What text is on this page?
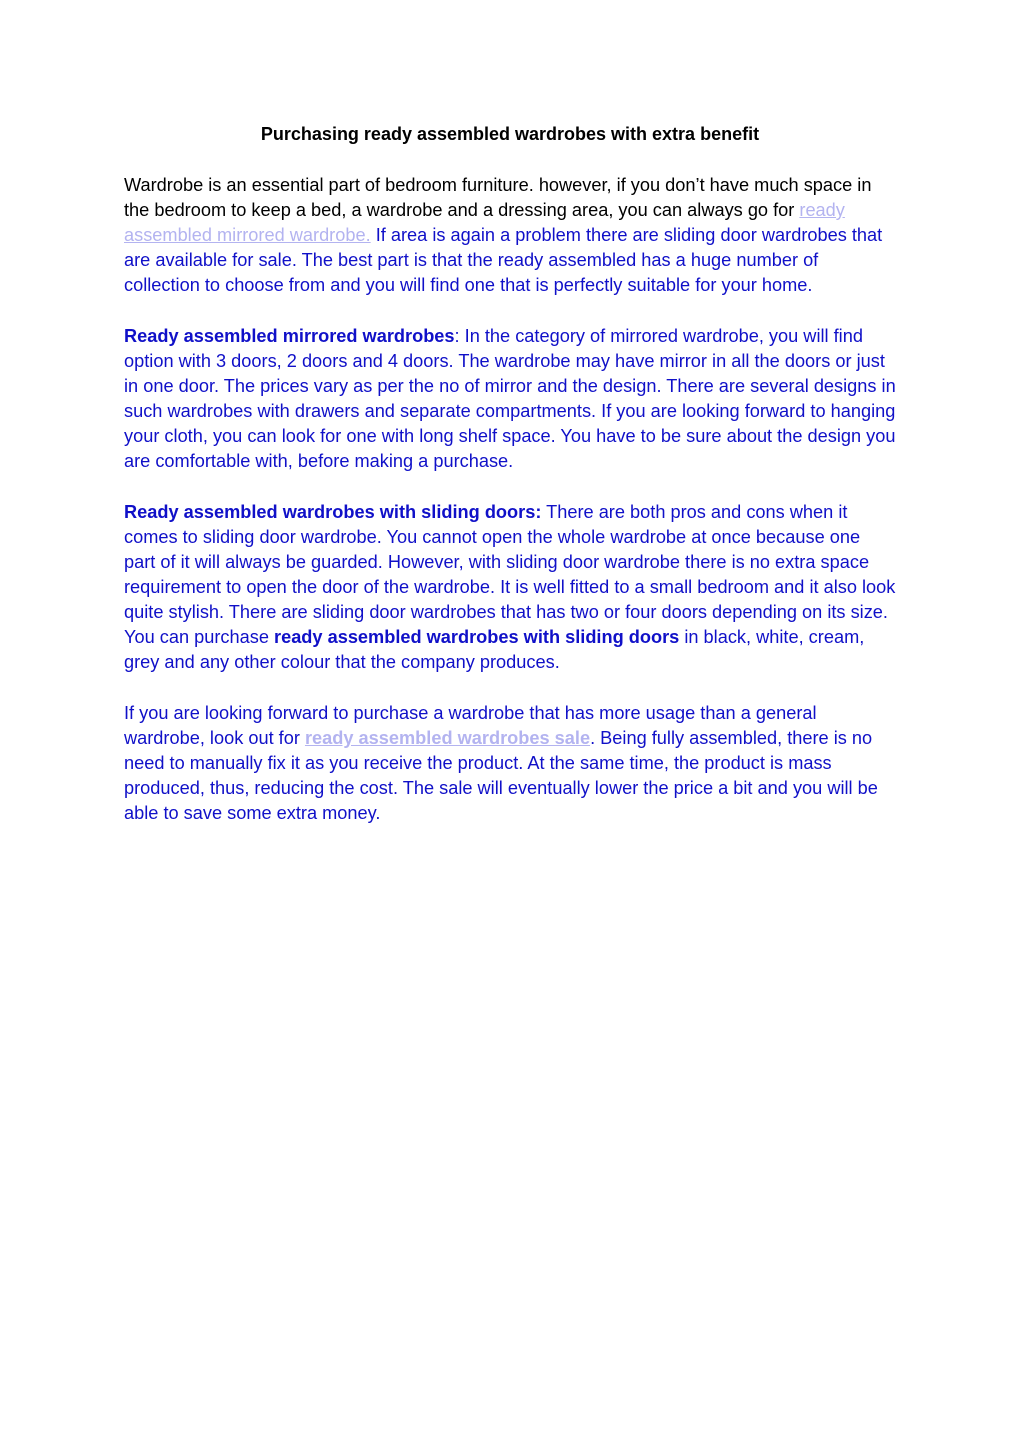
Purchasing ready assembled wardrobes with extra benefit

Wardrobe is an essential part of bedroom furniture. however, if you don’t have much space in the bedroom to keep a bed, a wardrobe and a dressing area, you can always go for ready assembled mirrored wardrobe. If area is again a problem there are sliding door wardrobes that are available for sale. The best part is that the ready assembled has a huge number of collection to choose from and you will find one that is perfectly suitable for your home.

Ready assembled mirrored wardrobes: In the category of mirrored wardrobe, you will find option with 3 doors, 2 doors and 4 doors. The wardrobe may have mirror in all the doors or just in one door. The prices vary as per the no of mirror and the design. There are several designs in such wardrobes with drawers and separate compartments. If you are looking forward to hanging your cloth, you can look for one with long shelf space. You have to be sure about the design you are comfortable with, before making a purchase.

Ready assembled wardrobes with sliding doors: There are both pros and cons when it comes to sliding door wardrobe. You cannot open the whole wardrobe at once because one part of it will always be guarded. However, with sliding door wardrobe there is no extra space requirement to open the door of the wardrobe. It is well fitted to a small bedroom and it also look quite stylish. There are sliding door wardrobes that has two or four doors depending on its size. You can purchase ready assembled wardrobes with sliding doors in black, white, cream, grey and any other colour that the company produces.

If you are looking forward to purchase a wardrobe that has more usage than a general wardrobe, look out for ready assembled wardrobes sale. Being fully assembled, there is no need to manually fix it as you receive the product. At the same time, the product is mass produced, thus, reducing the cost. The sale will eventually lower the price a bit and you will be able to save some extra money.
